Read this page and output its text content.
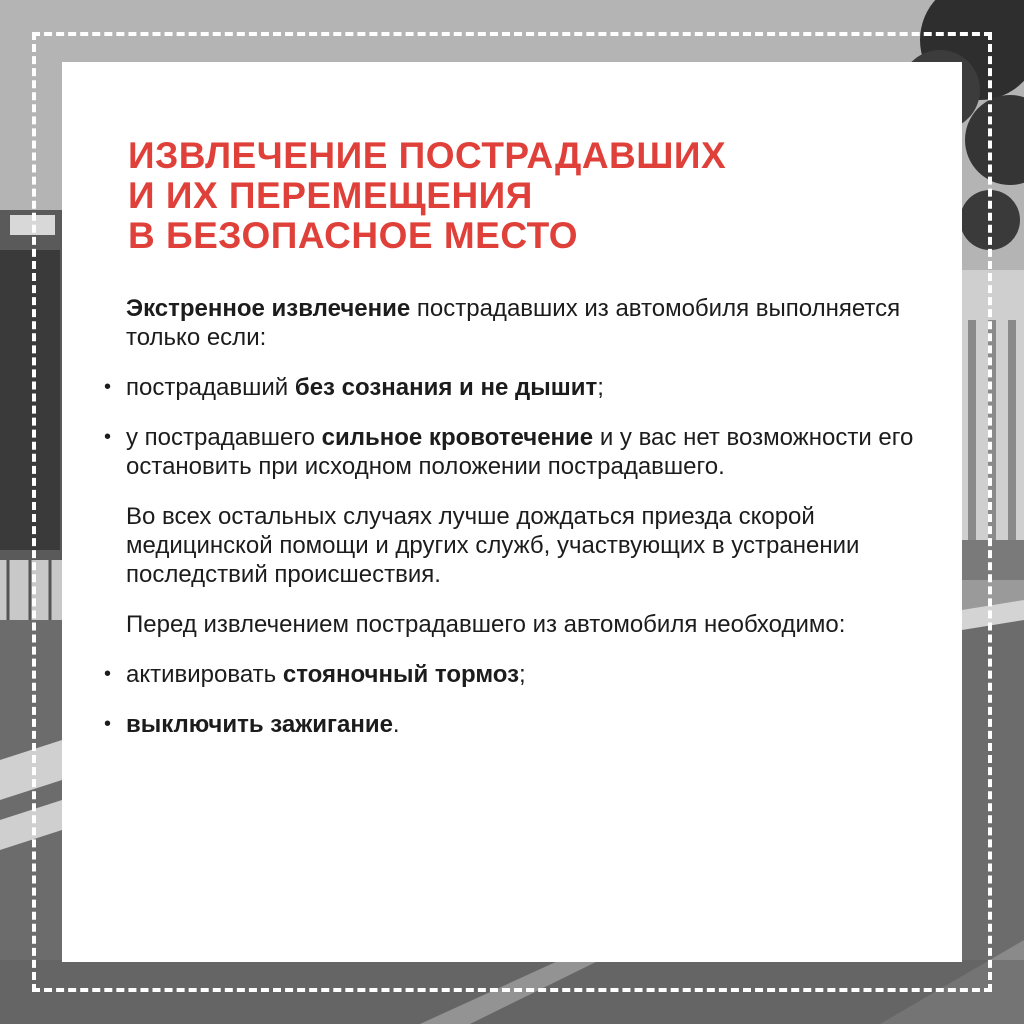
ИЗВЛЕЧЕНИЕ ПОСТРАДАВШИХ
И ИХ ПЕРЕМЕЩЕНИЯ
В БЕЗОПАСНОЕ МЕСТО

Экстренное извлечение пострадавших из автомобиля выполняется только если:

• пострадавший без сознания и не дышит;

• у пострадавшего сильное кровотечение и у вас нет возможности его остановить при исходном положении пострадавшего.

Во всех остальных случаях лучше дождаться приезда скорой медицинской помощи и других служб, участвующих в устранении последствий происшествия.

Перед извлечением пострадавшего из автомобиля необходимо:

• активировать стояночный тормоз;

• выключить зажигание.
